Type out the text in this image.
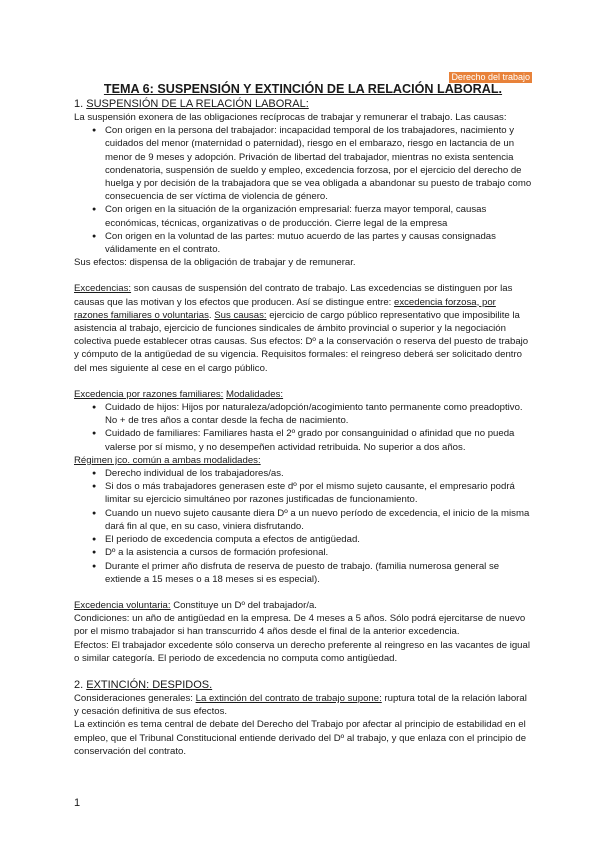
Derecho del trabajo
TEMA 6: SUSPENSIÓN Y EXTINCIÓN DE LA RELACIÓN LABORAL.
1. SUSPENSIÓN DE LA RELACIÓN LABORAL:

La suspensión exonera de las obligaciones recíprocas de trabajar y remunerar el trabajo. Las causas:

● Con origen en la persona del trabajador: incapacidad temporal de los trabajadores, nacimiento y cuidados del menor (maternidad o paternidad), riesgo en el embarazo, riesgo en lactancia de un menor de 9 meses y adopción. Privación de libertad del trabajador, mientras no exista sentencia condenatoria, suspensión de sueldo y empleo, excedencia forzosa, por el ejercicio del derecho de huelga y por decisión de la trabajadora que se vea obligada a abandonar su puesto de trabajo como consecuencia de ser víctima de violencia de género.
● Con origen en la situación de la organización empresarial: fuerza mayor temporal, causas económicas, técnicas, organizativas o de producción. Cierre legal de la empresa
● Con origen en la voluntad de las partes: mutuo acuerdo de las partes y causas consignadas válidamente en el contrato.

Sus efectos: dispensa de la obligación de trabajar y de remunerar.

Excedencias: son causas de suspensión del contrato de trabajo. Las excedencias se distinguen por las causas que las motivan y los efectos que producen. Así se distingue entre: excedencia forzosa, por razones familiares o voluntarias. Sus causas: ejercicio de cargo público representativo que imposibilite la asistencia al trabajo, ejercicio de funciones sindicales de ámbito provincial o superior y la negociación colectiva puede establecer otras causas. Sus efectos: Dº a la conservación o reserva del puesto de trabajo y cómputo de la antigüedad de su vigencia. Requisitos formales: el reingreso deberá ser solicitado dentro del mes siguiente al cese en el cargo público.

Excedencia por razones familiares: Modalidades:

● Cuidado de hijos: Hijos por naturaleza/adopción/acogimiento tanto permanente como preadoptivo. No + de tres años a contar desde la fecha de nacimiento.
● Cuidado de familiares: Familiares hasta el 2º grado por consanguinidad o afinidad que no pueda valerse por sí mismo, y no desempeñen actividad retribuida. No superior a dos años.

Régimen jco. común a ambas modalidades:

● Derecho individual de los trabajadores/as.
● Si dos o más trabajadores generasen este dº por el mismo sujeto causante, el empresario podrá limitar su ejercicio simultáneo por razones justificadas de funcionamiento.
● Cuando un nuevo sujeto causante diera Dº a un nuevo período de excedencia, el inicio de la misma dará fin al que, en su caso, viniera disfrutando.
● El periodo de excedencia computa a efectos de antigüedad.
● Dº a la asistencia a cursos de formación profesional.
● Durante el primer año disfruta de reserva de puesto de trabajo. (familia numerosa general se extiende a 15 meses o a 18 meses si es especial).

Excedencia voluntaria: Constituye un Dº del trabajador/a.

Condiciones: un año de antigüedad en la empresa. De 4 meses a 5 años. Sólo podrá ejercitarse de nuevo por el mismo trabajador si han transcurrido 4 años desde el final de la anterior excedencia.

Efectos: El trabajador excedente sólo conserva un derecho preferente al reingreso en las vacantes de igual o similar categoría. El periodo de excedencia no computa como antigüedad.

2. EXTINCIÓN: DESPIDOS.

Consideraciones generales: La extinción del contrato de trabajo supone: ruptura total de la relación laboral y cesación definitiva de sus efectos.

La extinción es tema central de debate del Derecho del Trabajo por afectar al principio de estabilidad en el empleo, que el Tribunal Constitucional entiende derivado del Dº al trabajo, y que enlaza con el principio de conservación del contrato.

1
